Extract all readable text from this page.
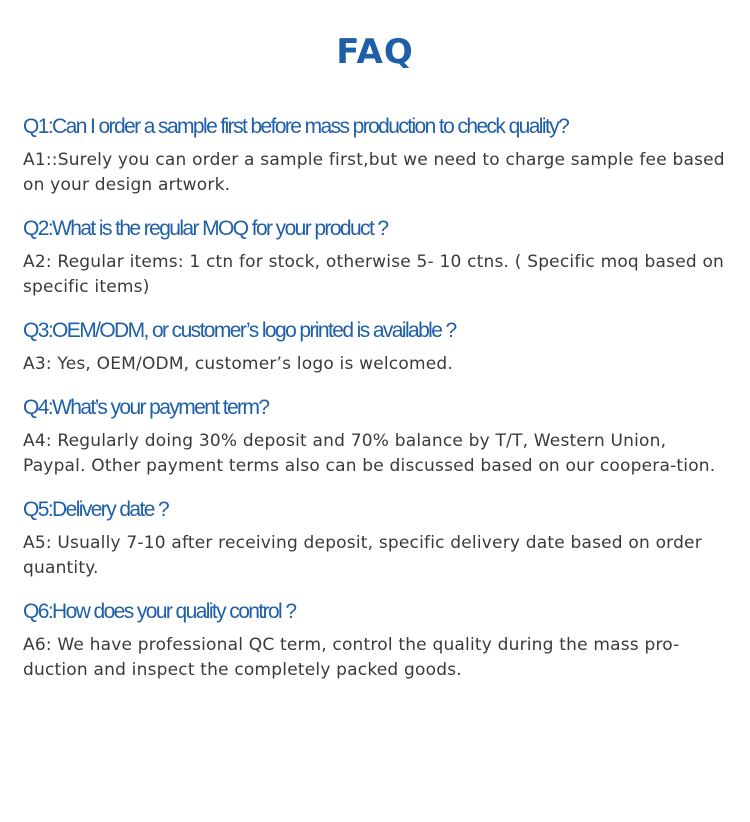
FAQ
Q1:Can I order a sample first before mass production to check quality?

A1::Surely you can order a sample first,but we need to charge sample fee based on your design artwork.

Q2:What is the regular MOQ for your product ?

A2: Regular items: 1 ctn for stock, otherwise 5- 10 ctns. ( Specific moq based on specific items)

Q3:OEM/ODM, or customer’s logo printed is available ?

A3: Yes, OEM/ODM, customer’s logo is welcomed.

Q4:What’s your payment term?

A4: Regularly doing 30% deposit and 70% balance by T/T, Western Union, Paypal. Other payment terms also can be discussed based on our coopera-tion.

Q5:Delivery date ?

A5: Usually 7-10 after receiving deposit, specific delivery date based on order quantity.

Q6:How does your quality control ?

A6: We have professional QC term, control the quality during the mass pro-duction and inspect the completely packed goods.
